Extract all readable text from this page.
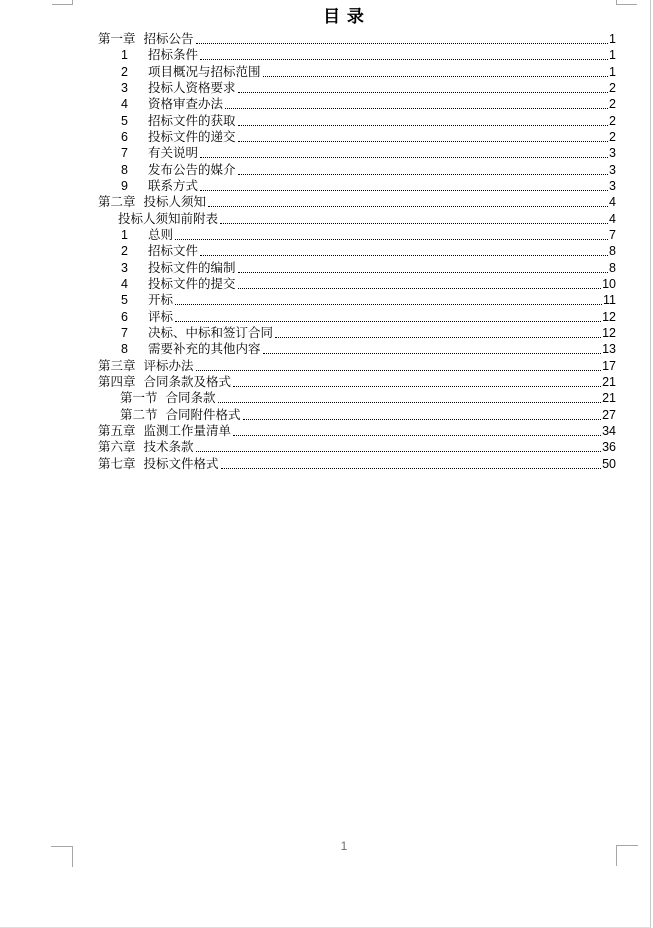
目 录
第一章 招标公告	1
1	招标条件	1
2	项目概况与招标范围	1
3	投标人资格要求	2
4	资格审查办法	2
5	招标文件的获取	2
6	投标文件的递交	2
7	有关说明	3
8	发布公告的媒介	3
9	联系方式	3
第二章 投标人须知	4
投标人须知前附表	4
1	总则	7
2	招标文件	8
3	投标文件的编制	8
4	投标文件的提交	10
5	开标	11
6	评标	12
7	决标、中标和签订合同	12
8	需要补充的其他内容	13
第三章 评标办法	17
第四章 合同条款及格式	21
第一节 合同条款	21
第二节 合同附件格式	27
第五章 监测工作量清单	34
第六章 技术条款	36
第七章 投标文件格式	50
1
